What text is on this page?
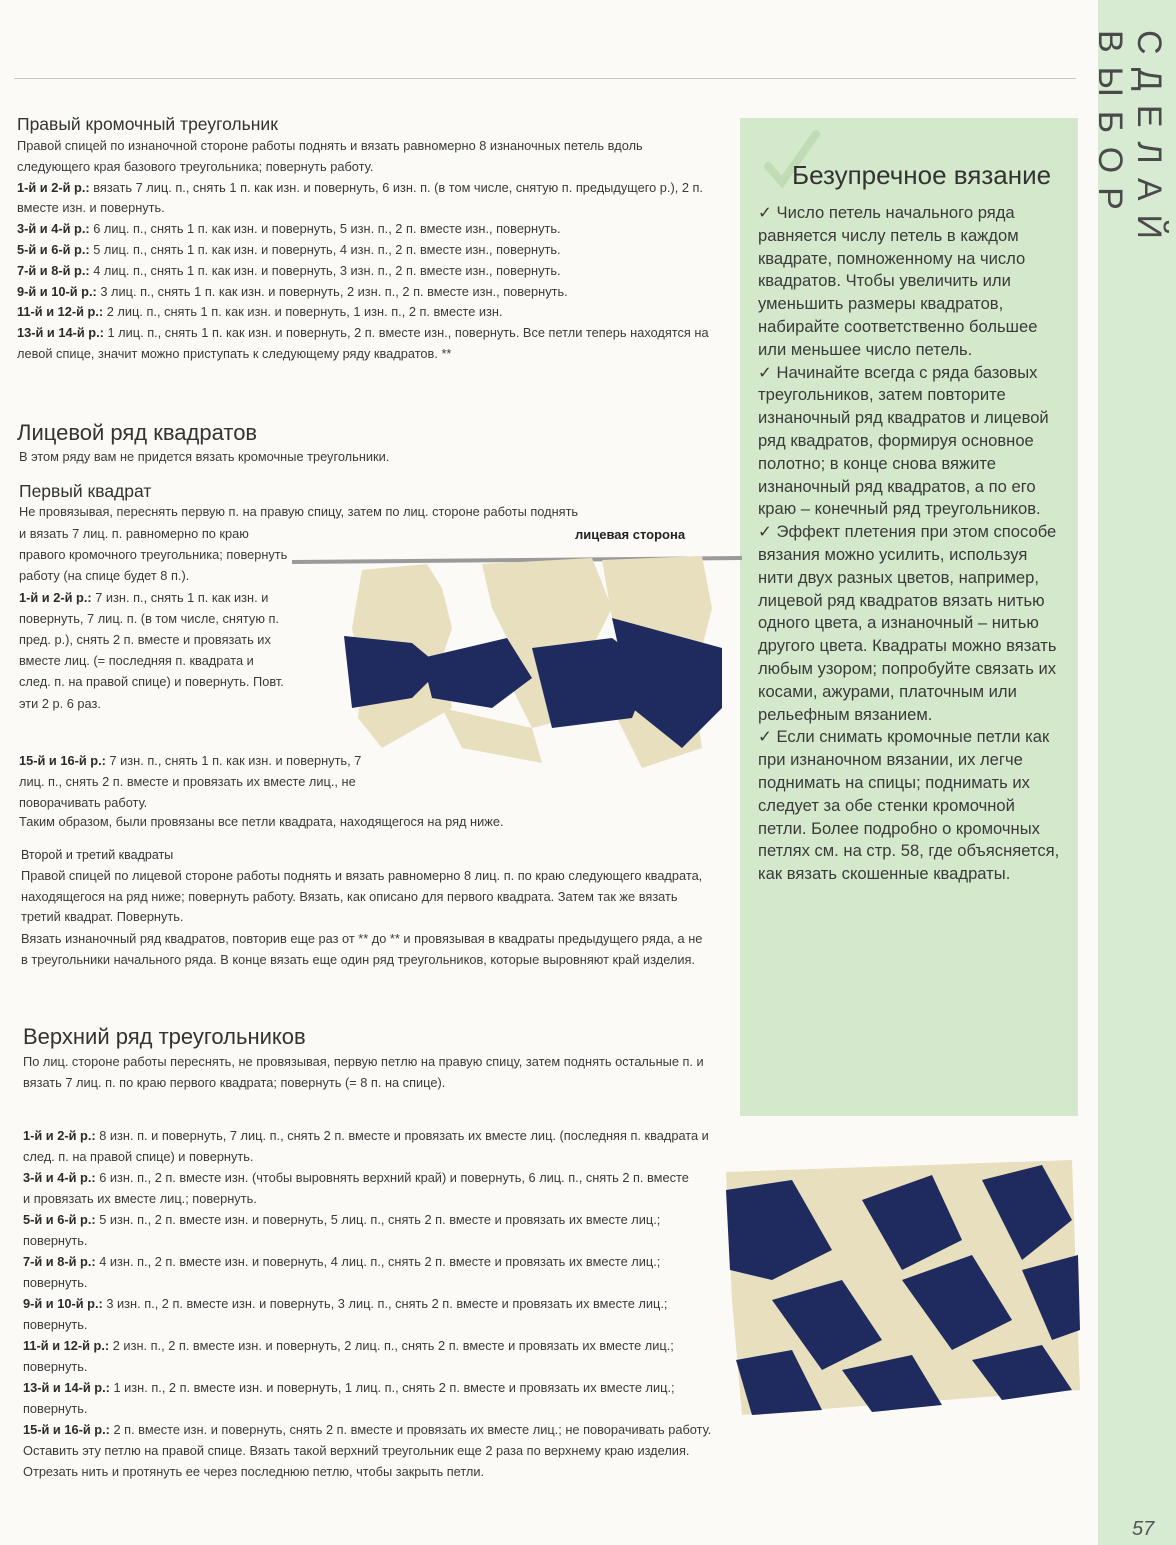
СДЕЛАЙ ВЫБОР
57
Безупречное вязание

✓ Число петель начального ряда равняется числу петель в каждом квадрате, помноженному на число квадратов. Чтобы увеличить или уменьшить размеры квадратов, набирайте соответственно большее или меньшее число петель.

✓ Начинайте всегда с ряда базовых треугольников, затем повторите изнаночный ряд квадратов и лицевой ряд квадратов, формируя основное полотно; в конце снова вяжите изнаночный ряд квадратов, а по его краю – конечный ряд треугольников.

✓ Эффект плетения при этом способе вязания можно усилить, используя нити двух разных цветов, например, лицевой ряд квадратов вязать нитью одного цвета, а изнаночный – нитью другого цвета. Квадраты можно вязать любым узором; попробуйте связать их косами, ажурами, платочным или рельефным вязанием.

✓ Если снимать кромочные петли как при изнаночном вязании, их легче поднимать на спицы; поднимать их следует за обе стенки кромочной петли. Более подробно о кромочных петлях см. на стр. 58, где объясняется, как вязать скошенные квадраты.

Правый кромочный треугольник

Правой спицей по изнаночной стороне работы поднять и вязать равномерно 8 изнаночных петель вдоль следующего края базового треугольника; повернуть работу.

1-й и 2-й р.: вязать 7 лиц. п., снять 1 п. как изн. и повернуть, 6 изн. п. (в том числе, снятую п. предыдущего р.), 2 п. вместе изн. и повернуть.

3-й и 4-й р.: 6 лиц. п., снять 1 п. как изн. и повернуть, 5 изн. п., 2 п. вместе изн., повернуть.

5-й и 6-й р.: 5 лиц. п., снять 1 п. как изн. и повернуть, 4 изн. п., 2 п. вместе изн., повернуть.

7-й и 8-й р.: 4 лиц. п., снять 1 п. как изн. и повернуть, 3 изн. п., 2 п. вместе изн., повернуть.

9-й и 10-й р.: 3 лиц. п., снять 1 п. как изн. и повернуть, 2 изн. п., 2 п. вместе изн., повернуть.

11-й и 12-й р.: 2 лиц. п., снять 1 п. как изн. и повернуть, 1 изн. п., 2 п. вместе изн.

13-й и 14-й р.: 1 лиц. п., снять 1 п. как изн. и повернуть, 2 п. вместе изн., повернуть. Все петли теперь находятся на левой спице, значит можно приступать к следующему ряду квадратов. **

Лицевой ряд квадратов
В этом ряду вам не придется вязать кромочные треугольники.
Первый квадрат
Не провязывая, переснять первую п. на правую спицу, затем по лиц. стороне работы поднять

и вязать 7 лиц. п. равномерно по краю правого кромочного треугольника; повернуть работу (на спице будет 8 п.).

1-й и 2-й р.: 7 изн. п., снять 1 п. как изн. и повернуть, 7 лиц. п. (в том числе, снятую п. пред. р.), снять 2 п. вместе и провязать их вместе лиц. (= последняя п. квадрата и след. п. на правой спице) и повернуть. Повт. эти 2 р. 6 раз.

15-й и 16-й р.: 7 изн. п., снять 1 п. как изн. и повернуть, 7 лиц. п., снять 2 п. вместе и провязать их вместе лиц., не поворачивать работу.

Таким образом, были провязаны все петли квадрата, находящегося на ряд ниже.
лицевая сторона
Второй и третий квадраты
Правой спицей по лицевой стороне работы поднять и вязать равномерно 8 лиц. п. по краю следующего квадрата, находящегося на ряд ниже; повернуть работу. Вязать, как описано для первого квадрата. Затем так же вязать третий квадрат. Повернуть.
Вязать изнаночный ряд квадратов, повторив еще раз от ** до ** и провязывая в квадраты предыдущего ряда, а не в треугольники начального ряда. В конце вязать еще один ряд треугольников, которые выровняют край изделия.
Верхний ряд треугольников
По лиц. стороне работы переснять, не провязывая, первую петлю на правую спицу, затем поднять остальные п. и вязать 7 лиц. п. по краю первого квадрата; повернуть (= 8 п. на спице).

1-й и 2-й р.: 8 изн. п. и повернуть, 7 лиц. п., снять 2 п. вместе и провязать их вместе лиц. (последняя п. квадрата и след. п. на правой спице) и повернуть.

3-й и 4-й р.: 6 изн. п., 2 п. вместе изн. (чтобы выровнять верхний край) и повернуть, 6 лиц. п., снять 2 п. вместе и провязать их вместе лиц.; повернуть.

5-й и 6-й р.: 5 изн. п., 2 п. вместе изн. и повернуть, 5 лиц. п., снять 2 п. вместе и провязать их вместе лиц.; повернуть.

7-й и 8-й р.: 4 изн. п., 2 п. вместе изн. и повернуть, 4 лиц. п., снять 2 п. вместе и провязать их вместе лиц.; повернуть.

9-й и 10-й р.: 3 изн. п., 2 п. вместе изн. и повернуть, 3 лиц. п., снять 2 п. вместе и провязать их вместе лиц.; повернуть.

11-й и 12-й р.: 2 изн. п., 2 п. вместе изн. и повернуть, 2 лиц. п., снять 2 п. вместе и провязать их вместе лиц.; повернуть.

13-й и 14-й р.: 1 изн. п., 2 п. вместе изн. и повернуть, 1 лиц. п., снять 2 п. вместе и провязать их вместе лиц.; повернуть.

15-й и 16-й р.: 2 п. вместе изн. и повернуть, снять 2 п. вместе и провязать их вместе лиц.; не поворачивать работу. Оставить эту петлю на правой спице. Вязать такой верхний треугольник еще 2 раза по верхнему краю изделия. Отрезать нить и протянуть ее через последнюю петлю, чтобы закрыть петли.
